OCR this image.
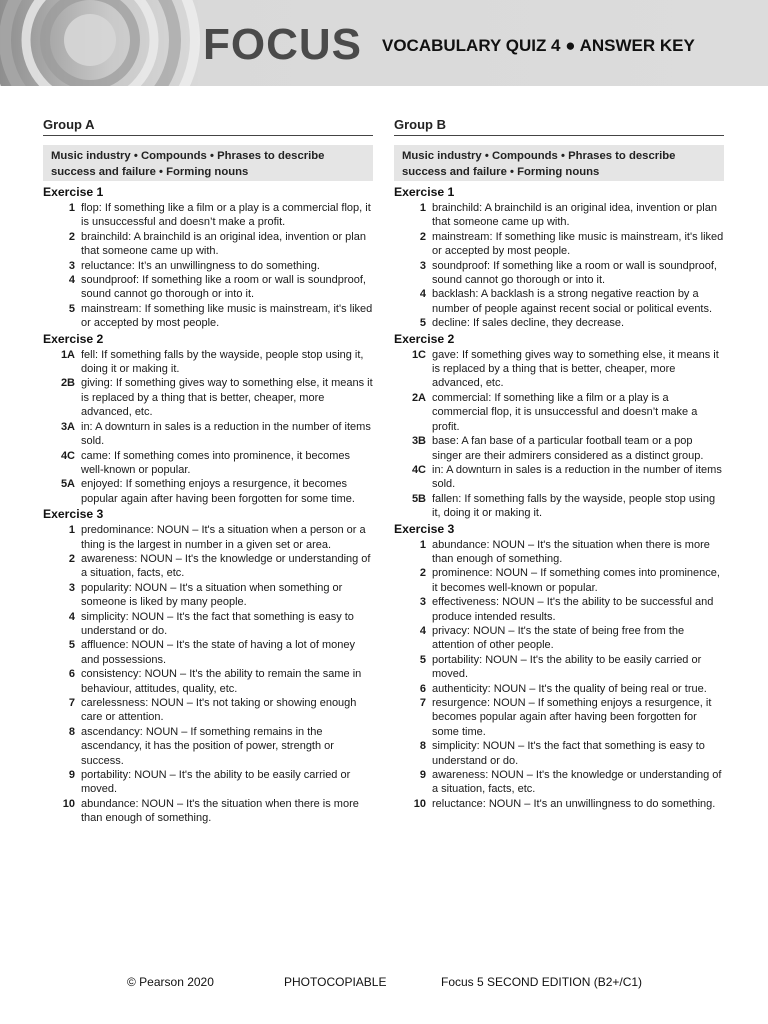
FOCUS VOCABULARY QUIZ 4 ● ANSWER KEY
Group A
Music industry • Compounds • Phrases to describe success and failure • Forming nouns
Exercise 1
1 flop: If something like a film or a play is a commercial flop, it is unsuccessful and doesn’t make a profit.
2 brainchild: A brainchild is an original idea, invention or plan that someone came up with.
3 reluctance: It’s an unwillingness to do something.
4 soundproof: If something like a room or wall is soundproof, sound cannot go thorough or into it.
5 mainstream: If something like music is mainstream, it's liked or accepted by most people.
Exercise 2
1A fell: If something falls by the wayside, people stop using it, doing it or making it.
2B giving: If something gives way to something else, it means it is replaced by a thing that is better, cheaper, more advanced, etc.
3A in: A downturn in sales is a reduction in the number of items sold.
4C came: If something comes into prominence, it becomes well-known or popular.
5A enjoyed: If something enjoys a resurgence, it becomes popular again after having been forgotten for some time.
Exercise 3
1 predominance: NOUN – It's a situation when a person or a thing is the largest in number in a given set or area.
2 awareness: NOUN – It's the knowledge or understanding of a situation, facts, etc.
3 popularity: NOUN – It's a situation when something or someone is liked by many people.
4 simplicity: NOUN – It's the fact that something is easy to understand or do.
5 affluence: NOUN – It's the state of having a lot of money and possessions.
6 consistency: NOUN – It's the ability to remain the same in behaviour, attitudes, quality, etc.
7 carelessness: NOUN – It's not taking or showing enough care or attention.
8 ascendancy: NOUN – If something remains in the ascendancy, it has the position of power, strength or success.
9 portability: NOUN – It's the ability to be easily carried or moved.
10 abundance: NOUN – It's the situation when there is more than enough of something.
Group B
Music industry • Compounds • Phrases to describe success and failure • Forming nouns
Exercise 1
1 brainchild: A brainchild is an original idea, invention or plan that someone came up with.
2 mainstream: If something like music is mainstream, it's liked or accepted by most people.
3 soundproof: If something like a room or wall is soundproof, sound cannot go thorough or into it.
4 backlash: A backlash is a strong negative reaction by a number of people against recent social or political events.
5 decline: If sales decline, they decrease.
Exercise 2
1C gave: If something gives way to something else, it means it is replaced by a thing that is better, cheaper, more advanced, etc.
2A commercial: If something like a film or a play is a commercial flop, it is unsuccessful and doesn’t make a profit.
3B base: A fan base of a particular football team or a pop singer are their admirers considered as a distinct group.
4C in: A downturn in sales is a reduction in the number of items sold.
5B fallen: If something falls by the wayside, people stop using it, doing it or making it.
Exercise 3
1 abundance: NOUN – It's the situation when there is more than enough of something.
2 prominence: NOUN – If something comes into prominence, it becomes well-known or popular.
3 effectiveness: NOUN – It's the ability to be successful and produce intended results.
4 privacy: NOUN – It's the state of being free from the attention of other people.
5 portability: NOUN – It's the ability to be easily carried or moved.
6 authenticity: NOUN – It's the quality of being real or true.
7 resurgence: NOUN – If something enjoys a resurgence, it becomes popular again after having been forgotten for some time.
8 simplicity: NOUN – It's the fact that something is easy to understand or do.
9 awareness: NOUN – It's the knowledge or understanding of a situation, facts, etc.
10 reluctance: NOUN – It's an unwillingness to do something.
© Pearson 2020	PHOTOCOPIABLE	Focus 5 SECOND EDITION (B2+/C1)
